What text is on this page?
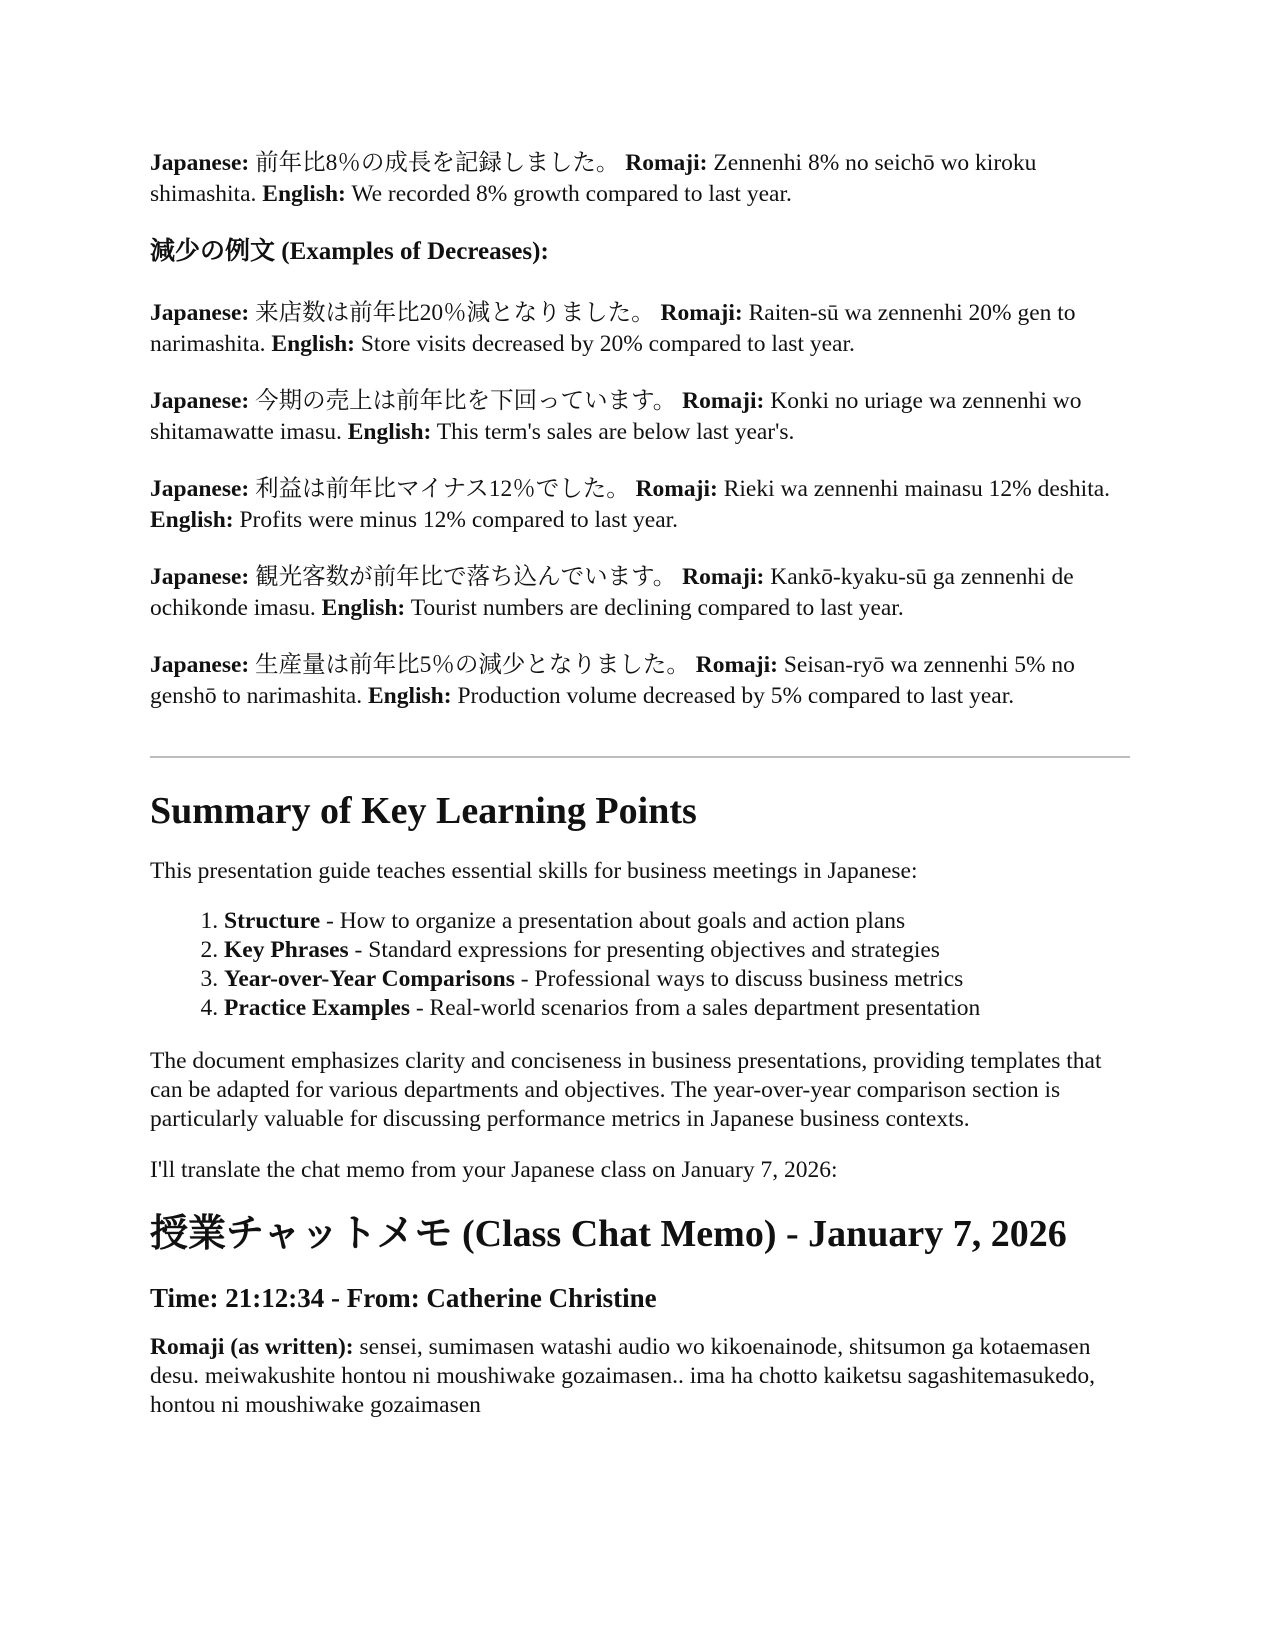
Japanese: 前年比8％の成長を記録しました。 Romaji: Zennenhi 8% no seichō wo kiroku shimashita. English: We recorded 8% growth compared to last year.

減少の例文 (Examples of Decreases):

Japanese: 来店数は前年比20％減となりました。 Romaji: Raiten-sū wa zennenhi 20% gen to narimashita. English: Store visits decreased by 20% compared to last year.

Japanese: 今期の売上は前年比を下回っています。 Romaji: Konki no uriage wa zennenhi wo shitamawatte imasu. English: This term's sales are below last year's.

Japanese: 利益は前年比マイナス12％でした。 Romaji: Rieki wa zennenhi mainasu 12% deshita. English: Profits were minus 12% compared to last year.

Japanese: 観光客数が前年比で落ち込んでいます。 Romaji: Kankō-kyaku-sū ga zennenhi de ochikonde imasu. English: Tourist numbers are declining compared to last year.

Japanese: 生産量は前年比5％の減少となりました。 Romaji: Seisan-ryō wa zennenhi 5% no genshō to narimashita. English: Production volume decreased by 5% compared to last year.

Summary of Key Learning Points

This presentation guide teaches essential skills for business meetings in Japanese:

1. Structure - How to organize a presentation about goals and action plans
2. Key Phrases - Standard expressions for presenting objectives and strategies
3. Year-over-Year Comparisons - Professional ways to discuss business metrics
4. Practice Examples - Real-world scenarios from a sales department presentation

The document emphasizes clarity and conciseness in business presentations, providing templates that can be adapted for various departments and objectives. The year-over-year comparison section is particularly valuable for discussing performance metrics in Japanese business contexts.

I'll translate the chat memo from your Japanese class on January 7, 2026:

授業チャットメモ (Class Chat Memo) - January 7, 2026
Time: 21:12:34 - From: Catherine Christine

Romaji (as written): sensei, sumimasen watashi audio wo kikoenainode, shitsumon ga kotaemasen desu. meiwakushite hontou ni moushiwake gozaimasen.. ima ha chotto kaiketsu sagashitemasukedo, hontou ni moushiwake gozaimasen
